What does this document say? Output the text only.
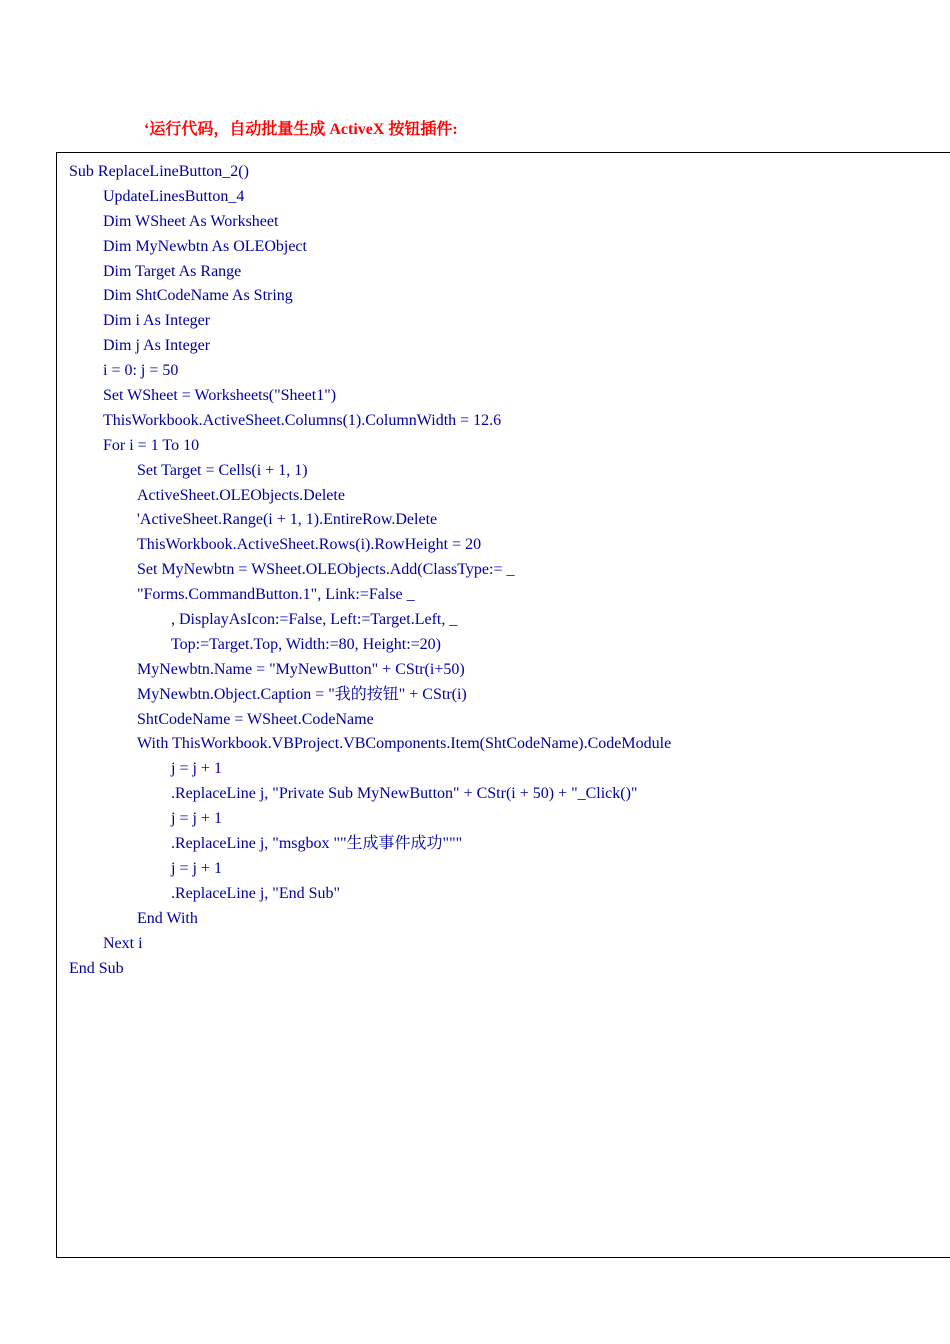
‘运行代码，自动批量生成 ActiveX 按钮插件:
Sub ReplaceLineButton_2()
UpdateLinesButton_4
Dim WSheet As Worksheet
Dim MyNewbtn As OLEObject
Dim Target As Range
Dim ShtCodeName As String
Dim i As Integer
Dim j As Integer
i = 0: j = 50
Set WSheet = Worksheets("Sheet1")
ThisWorkbook.ActiveSheet.Columns(1).ColumnWidth = 12.6
For i = 1 To 10
Set Target = Cells(i + 1, 1)
ActiveSheet.OLEObjects.Delete
'ActiveSheet.Range(i + 1, 1).EntireRow.Delete
ThisWorkbook.ActiveSheet.Rows(i).RowHeight = 20
Set MyNewbtn = WSheet.OLEObjects.Add(ClassType:= _
"Forms.CommandButton.1", Link:=False _
, DisplayAsIcon:=False, Left:=Target.Left, _
Top:=Target.Top, Width:=80, Height:=20)
MyNewbtn.Name = "MyNewButton" + CStr(i+50)
MyNewbtn.Object.Caption = "我的按钮" + CStr(i)
ShtCodeName = WSheet.CodeName
With ThisWorkbook.VBProject.VBComponents.Item(ShtCodeName).CodeModule
j = j + 1
.ReplaceLine j, "Private Sub MyNewButton" + CStr(i + 50) + "_Click()"
j = j + 1
.ReplaceLine j, "msgbox ""生成事件成功"""
j = j + 1
.ReplaceLine j, "End Sub"
End With
Next i
End Sub
